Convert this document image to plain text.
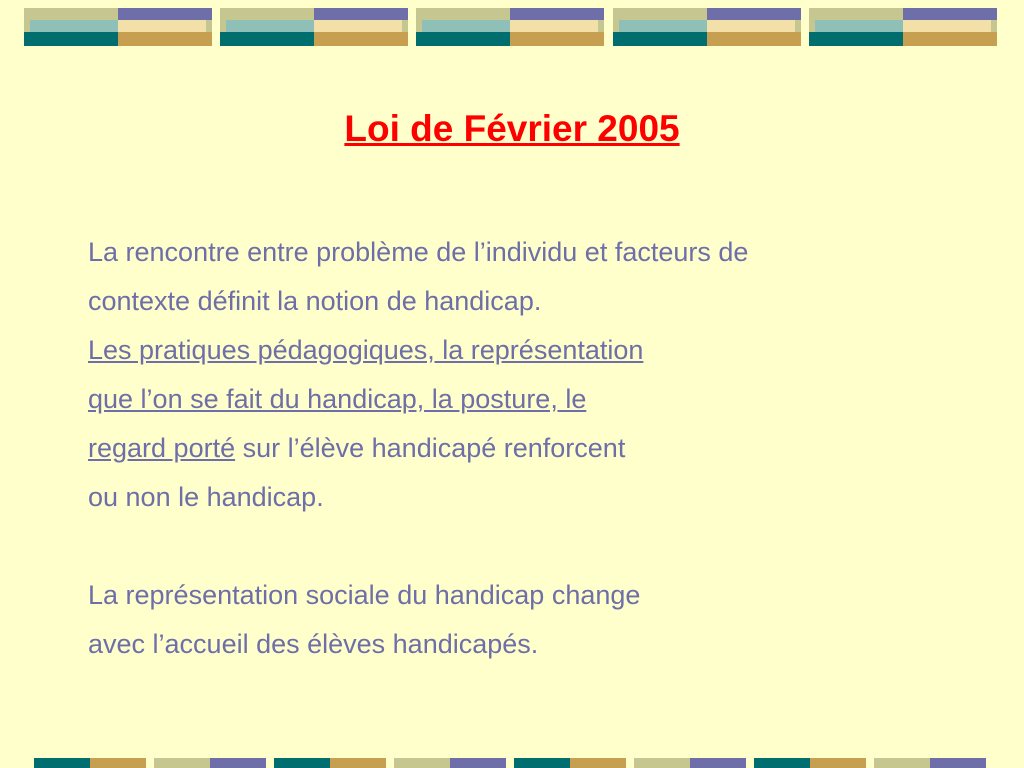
Loi de Février 2005
La rencontre entre problème de l’individu et facteurs de
contexte définit la notion de handicap.
Les pratiques pédagogiques, la représentation
que l’on se fait du handicap, la posture, le
regard porté sur l’élève handicapé renforcent
ou non le handicap.
La représentation sociale du handicap change
avec l’accueil des élèves handicapés.
